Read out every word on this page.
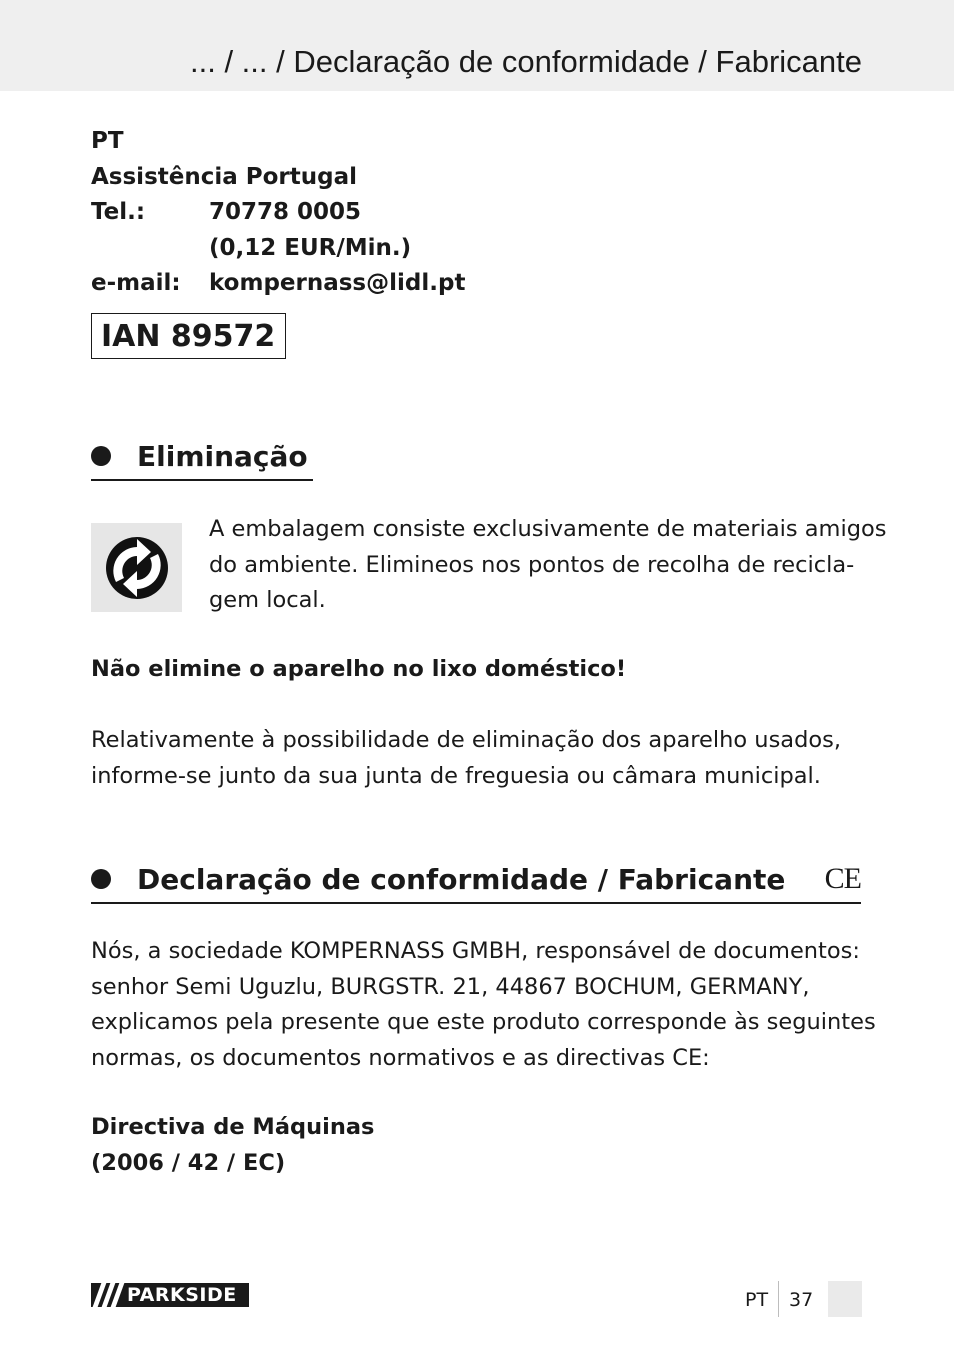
... / ... / Declaração de conformidade / Fabricante
PT
Assistência Portugal
Tel.:	70778 0005
(0,12 EUR/Min.)
e-mail:	kompernass@lidl.pt
IAN 89572
Eliminação
A embalagem consiste exclusivamente de materiais amigos
do ambiente. Elimineos nos pontos de recolha de recicla-
gem local.
Não elimine o aparelho no lixo doméstico!
Relativamente à possibilidade de eliminação dos aparelho usados,
informe-se junto da sua junta de freguesia ou câmara municipal.
Declaração de conformidade / Fabricante CE
Nós, a sociedade KOMPERNASS GMBH, responsável de documentos:
senhor Semi Uguzlu, BURGSTR. 21, 44867 BOCHUM, GERMANY,
explicamos pela presente que este produto corresponde às seguintes
normas, os documentos normativos e as directivas CE:
Directiva de Máquinas
(2006 / 42 / EC)
PARKSIDE	PT 37
